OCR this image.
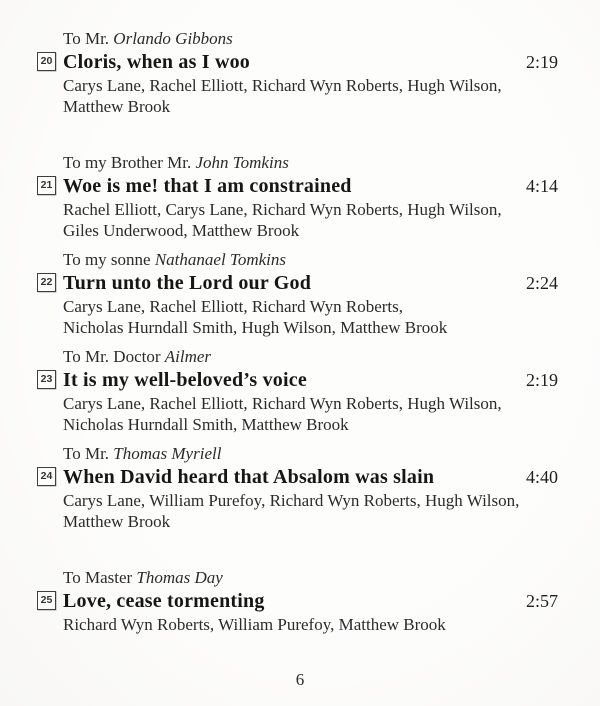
To Mr. Orlando Gibbons
20 Cloris, when as I woo	2:19
Carys Lane, Rachel Elliott, Richard Wyn Roberts, Hugh Wilson,
Matthew Brook
To my Brother Mr. John Tomkins
21 Woe is me! that I am constrained	4:14
Rachel Elliott, Carys Lane, Richard Wyn Roberts, Hugh Wilson,
Giles Underwood, Matthew Brook
To my sonne Nathanael Tomkins
22 Turn unto the Lord our God	2:24
Carys Lane, Rachel Elliott, Richard Wyn Roberts,
Nicholas Hurndall Smith, Hugh Wilson, Matthew Brook
To Mr. Doctor Ailmer
23 It is my well-beloved’s voice	2:19
Carys Lane, Rachel Elliott, Richard Wyn Roberts, Hugh Wilson,
Nicholas Hurndall Smith, Matthew Brook
To Mr. Thomas Myriell
24 When David heard that Absalom was slain	4:40
Carys Lane, William Purefoy, Richard Wyn Roberts, Hugh Wilson,
Matthew Brook
To Master Thomas Day
25 Love, cease tormenting	2:57
Richard Wyn Roberts, William Purefoy, Matthew Brook
6
